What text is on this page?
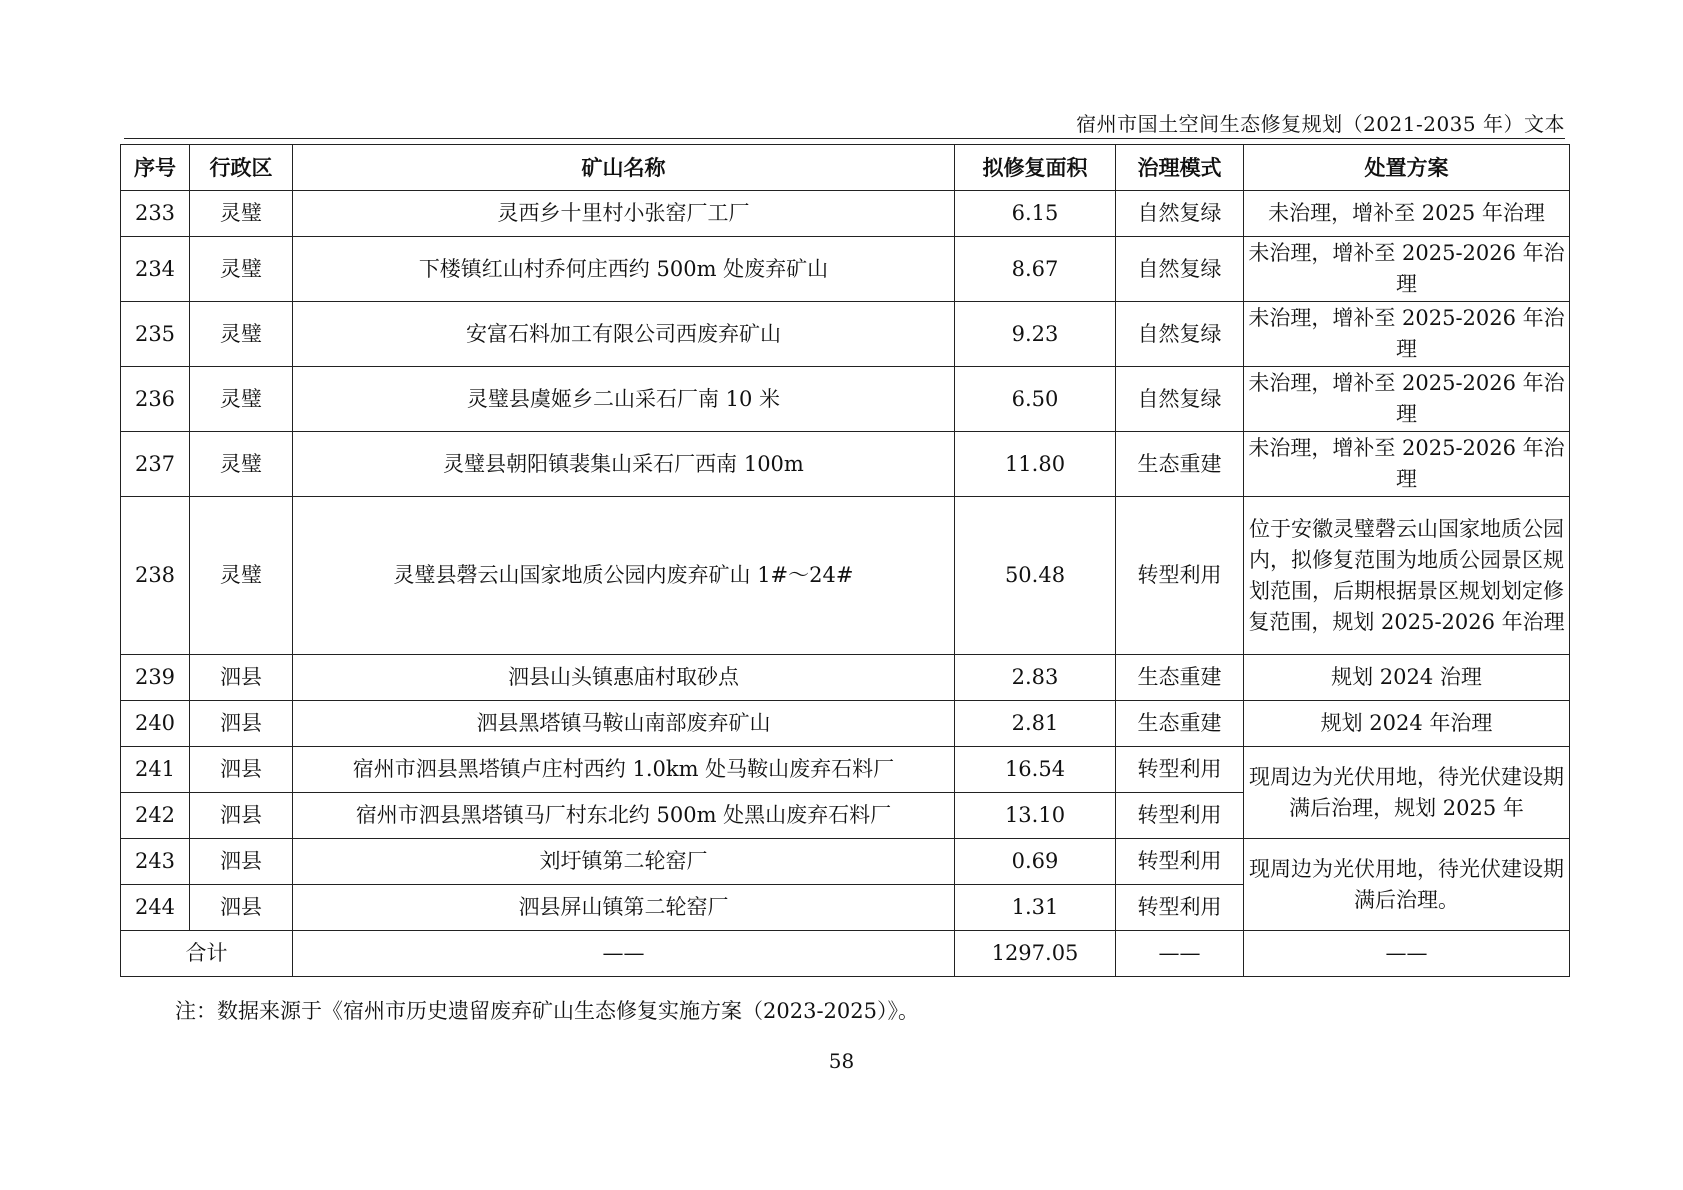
宿州市国土空间生态修复规划（2021-2035 年）文本
序号	行政区	矿山名称	拟修复面积	治理模式	处置方案
233	灵璧	灵西乡十里村小张窑厂工厂	6.15	自然复绿	未治理，增补至 2025 年治理
234	灵璧	下楼镇红山村乔何庄西约 500m 处废弃矿山	8.67	自然复绿	未治理，增补至 2025-2026 年治理
235	灵璧	安富石料加工有限公司西废弃矿山	9.23	自然复绿	未治理，增补至 2025-2026 年治理
236	灵璧	灵璧县虞姬乡二山采石厂南 10 米	6.50	自然复绿	未治理，增补至 2025-2026 年治理
237	灵璧	灵璧县朝阳镇裴集山采石厂西南 100m	11.80	生态重建	未治理，增补至 2025-2026 年治理
238	灵璧	灵璧县磬云山国家地质公园内废弃矿山 1#～24#	50.48	转型利用	位于安徽灵璧磬云山国家地质公园内，拟修复范围为地质公园景区规划范围，后期根据景区规划划定修复范围，规划 2025-2026 年治理
239	泗县	泗县山头镇惠庙村取砂点	2.83	生态重建	规划 2024 治理
240	泗县	泗县黑塔镇马鞍山南部废弃矿山	2.81	生态重建	规划 2024 年治理
241	泗县	宿州市泗县黑塔镇卢庄村西约 1.0km 处马鞍山废弃石料厂	16.54	转型利用	现周边为光伏用地，待光伏建设期满后治理，规划 2025 年
242	泗县	宿州市泗县黑塔镇马厂村东北约 500m 处黑山废弃石料厂	13.10	转型利用	
243	泗县	刘圩镇第二轮窑厂	0.69	转型利用	现周边为光伏用地，待光伏建设期满后治理。
244	泗县	泗县屏山镇第二轮窑厂	1.31	转型利用	
合计		——	1297.05	——	——
注：数据来源于《宿州市历史遗留废弃矿山生态修复实施方案（2023-2025）》。
58
